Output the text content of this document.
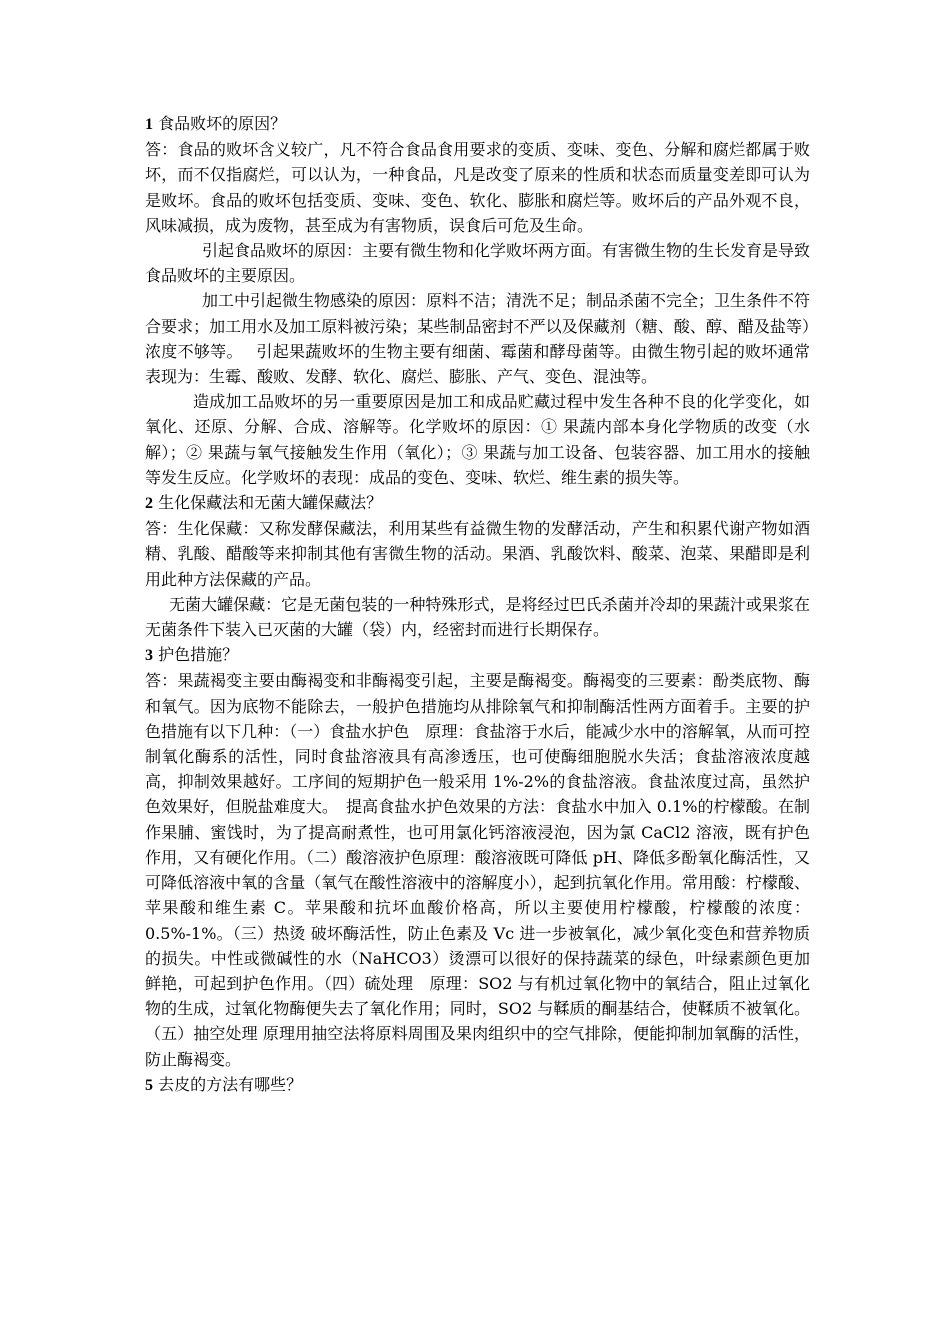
1 食品败坏的原因？

答：食品的败坏含义较广，凡不符合食品食用要求的变质、变味、变色、分解和腐烂都属于败坏，而不仅指腐烂，可以认为，一种食品，凡是改变了原来的性质和状态而质量变差即可认为是败坏。食品的败坏包括变质、变味、变色、软化、膨胀和腐烂等。败坏后的产品外观不良，风味减损，成为废物，甚至成为有害物质，误食后可危及生命。

引起食品败坏的原因：主要有微生物和化学败坏两方面。有害微生物的生长发育是导致食品败坏的主要原因。

加工中引起微生物感染的原因：原料不洁；清洗不足；制品杀菌不完全；卫生条件不符合要求；加工用水及加工原料被污染；某些制品密封不严以及保藏剂（糖、酸、醇、醋及盐等）浓度不够等。　 引起果蔬败坏的生物主要有细菌、霉菌和酵母菌等。由微生物引起的败坏通常表现为：生霉、酸败、发酵、软化、腐烂、膨胀、产气、变色、混浊等。

造成加工品败坏的另一重要原因是加工和成品贮藏过程中发生各种不良的化学变化，如氧化、还原、分解、合成、溶解等。化学败坏的原因：① 果蔬内部本身化学物质的改变（水解）；② 果蔬与氧气接触发生作用（氧化）；③ 果蔬与加工设备、包装容器、加工用水的接触等发生反应。化学败坏的表现：成品的变色、变味、软烂、维生素的损失等。

2 生化保藏法和无菌大罐保藏法？

答：生化保藏：又称发酵保藏法，利用某些有益微生物的发酵活动，产生和积累代谢产物如酒精、乳酸、醋酸等来抑制其他有害微生物的活动。果酒、乳酸饮料、酸菜、泡菜、果醋即是利用此种方法保藏的产品。

无菌大罐保藏：它是无菌包装的一种特殊形式，是将经过巴氏杀菌并冷却的果蔬汁或果浆在无菌条件下装入已灭菌的大罐（袋）内，经密封而进行长期保存。

3 护色措施？

答：果蔬褐变主要由酶褐变和非酶褐变引起，主要是酶褐变。酶褐变的三要素：酚类底物、酶和氧气。因为底物不能除去，一般护色措施均从排除氧气和抑制酶活性两方面着手。主要的护色措施有以下几种：（一）食盐水护色　原理：食盐溶于水后，能减少水中的溶解氧，从而可控制氧化酶系的活性，同时食盐溶液具有高渗透压，也可使酶细胞脱水失活；食盐溶液浓度越高，抑制效果越好。工序间的短期护色一般采用 1%-2%的食盐溶液。食盐浓度过高，虽然护色效果好，但脱盐难度大。　提高食盐水护色效果的方法：食盐水中加入 0.1%的柠檬酸。在制作果脯、蜜饯时，为了提高耐煮性，也可用氯化钙溶液浸泡，因为氯 CaCl2 溶液，既有护色作用，又有硬化作用。（二）酸溶液护色原理：酸溶液既可降低 pH、降低多酚氧化酶活性，又可降低溶液中氧的含量（氧气在酸性溶液中的溶解度小），起到抗氧化作用。常用酸：柠檬酸、苹果酸和维生素 C。苹果酸和抗坏血酸价格高，所以主要使用柠檬酸，柠檬酸的浓度：0.5%-1%。（三）热烫 破坏酶活性，防止色素及 Vc 进一步被氧化，减少氧化变色和营养物质的损失。中性或微碱性的水（NaHCO3）烫漂可以很好的保持蔬菜的绿色，叶绿素颜色更加鲜艳，可起到护色作用。（四）硫处理　原理：SO2 与有机过氧化物中的氧结合，阻止过氧化物的生成，过氧化物酶便失去了氧化作用；同时，SO2 与鞣质的酮基结合，使鞣质不被氧化。（五）抽空处理 原理用抽空法将原料周围及果肉组织中的空气排除，便能抑制加氧酶的活性，防止酶褐变。

5 去皮的方法有哪些？
